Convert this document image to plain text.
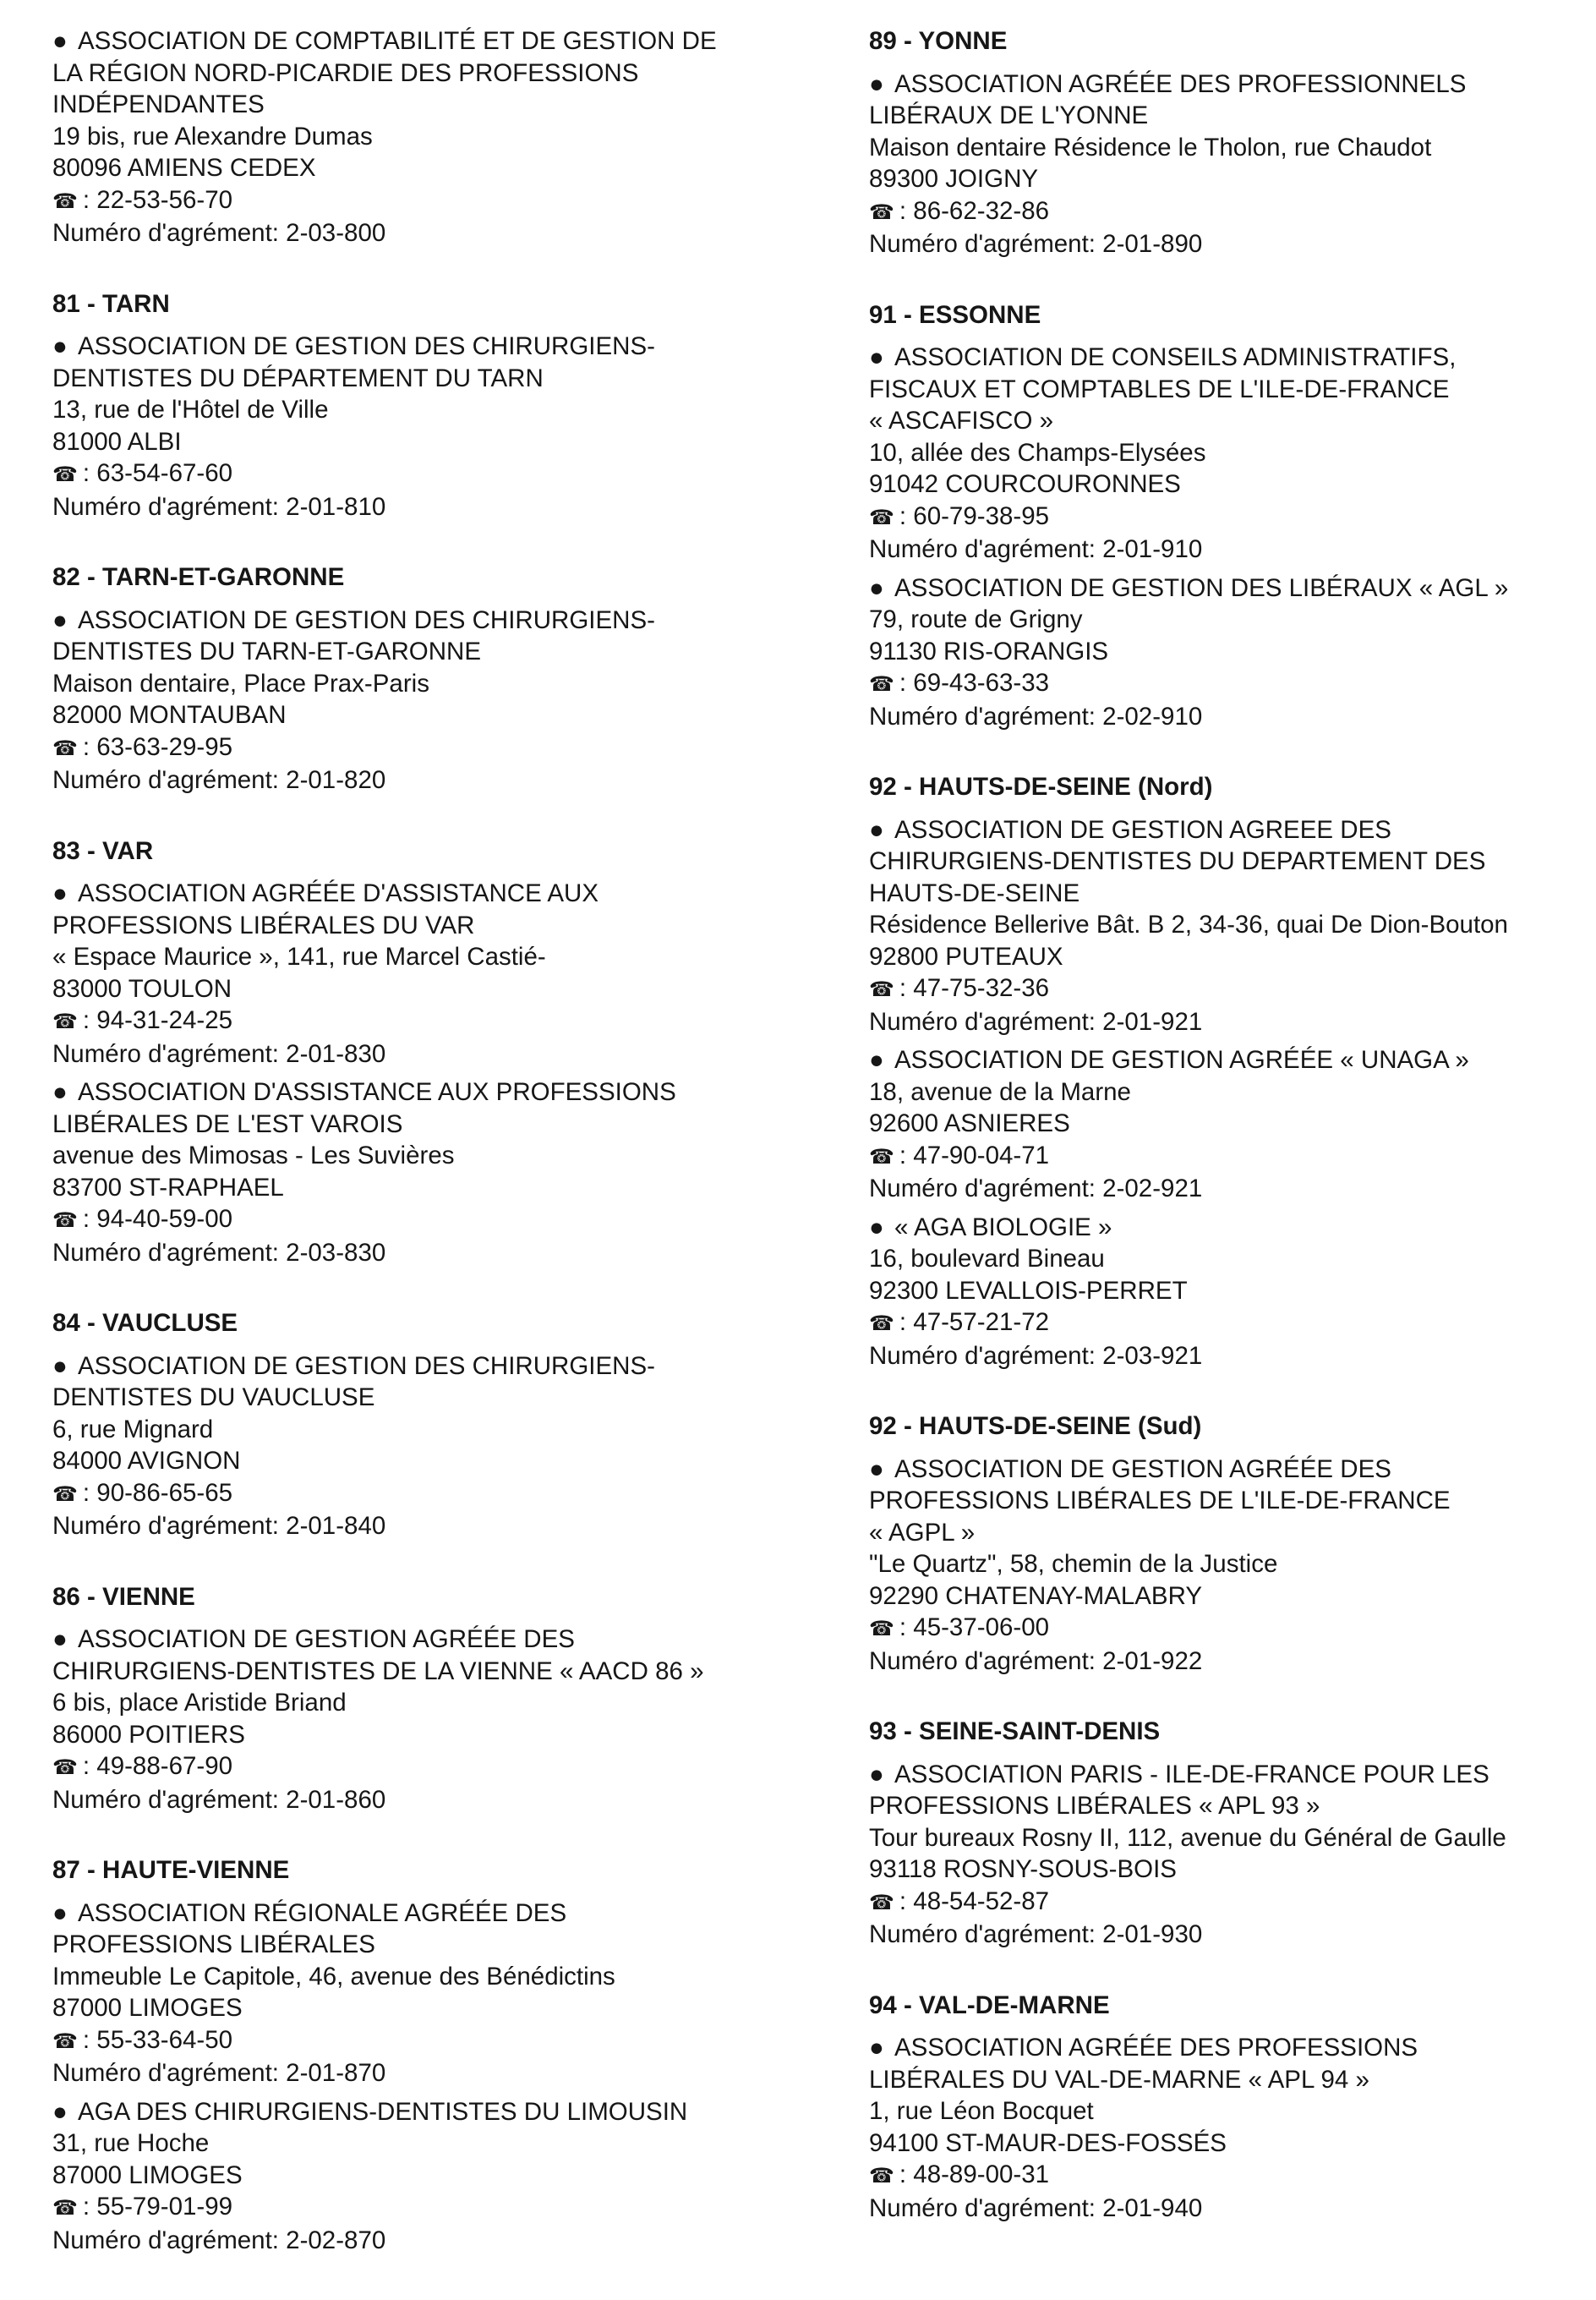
● ASSOCIATION DE COMPTABILITÉ ET DE GESTION DE
LA RÉGION NORD-PICARDIE DES PROFESSIONS
INDÉPENDANTES
19 bis, rue Alexandre Dumas
80096 AMIENS CEDEX
☎ : 22-53-56-70
Numéro d'agrément: 2-03-800
81 - TARN
● ASSOCIATION DE GESTION DES CHIRURGIENS-
DENTISTES DU DÉPARTEMENT DU TARN
13, rue de l'Hôtel de Ville
81000 ALBI
☎ : 63-54-67-60
Numéro d'agrément: 2-01-810
82 - TARN-ET-GARONNE
● ASSOCIATION DE GESTION DES CHIRURGIENS-
DENTISTES DU TARN-ET-GARONNE
Maison dentaire, Place Prax-Paris
82000 MONTAUBAN
☎ : 63-63-29-95
Numéro d'agrément: 2-01-820
83 - VAR
● ASSOCIATION AGRÉÉE D'ASSISTANCE AUX
PROFESSIONS LIBÉRALES DU VAR
« Espace Maurice », 141, rue Marcel Castié-
83000 TOULON
☎ : 94-31-24-25
Numéro d'agrément: 2-01-830
● ASSOCIATION D'ASSISTANCE AUX PROFESSIONS
LIBÉRALES DE L'EST VAROIS
avenue des Mimosas - Les Suvières
83700 ST-RAPHAEL
☎ : 94-40-59-00
Numéro d'agrément: 2-03-830
84 - VAUCLUSE
● ASSOCIATION DE GESTION DES CHIRURGIENS-
DENTISTES DU VAUCLUSE
6, rue Mignard
84000 AVIGNON
☎ : 90-86-65-65
Numéro d'agrément: 2-01-840
86 - VIENNE
● ASSOCIATION DE GESTION AGRÉÉE DES
CHIRURGIENS-DENTISTES DE LA VIENNE « AACD 86 »
6 bis, place Aristide Briand
86000 POITIERS
☎ : 49-88-67-90
Numéro d'agrément: 2-01-860
87 - HAUTE-VIENNE
● ASSOCIATION RÉGIONALE AGRÉÉE DES
PROFESSIONS LIBÉRALES
Immeuble Le Capitole, 46, avenue des Bénédictins
87000 LIMOGES
☎ : 55-33-64-50
Numéro d'agrément: 2-01-870
● AGA DES CHIRURGIENS-DENTISTES DU LIMOUSIN
31, rue Hoche
87000 LIMOGES
☎ : 55-79-01-99
Numéro d'agrément: 2-02-870
89 - YONNE
● ASSOCIATION AGRÉÉE DES PROFESSIONNELS
LIBÉRAUX DE L'YONNE
Maison dentaire Résidence le Tholon, rue Chaudot
89300 JOIGNY
☎ : 86-62-32-86
Numéro d'agrément: 2-01-890
91 - ESSONNE
● ASSOCIATION DE CONSEILS ADMINISTRATIFS,
FISCAUX ET COMPTABLES DE L'ILE-DE-FRANCE
« ASCAFISCO »
10, allée des Champs-Elysées
91042 COURCOURONNES
☎ : 60-79-38-95
Numéro d'agrément: 2-01-910
● ASSOCIATION DE GESTION DES LIBÉRAUX « AGL »
79, route de Grigny
91130 RIS-ORANGIS
☎ : 69-43-63-33
Numéro d'agrément: 2-02-910
92 - HAUTS-DE-SEINE (Nord)
● ASSOCIATION DE GESTION AGREEE DES
CHIRURGIENS-DENTISTES DU DEPARTEMENT DES
HAUTS-DE-SEINE
Résidence Bellerive Bât. B 2, 34-36, quai De Dion-Bouton
92800 PUTEAUX
☎ : 47-75-32-36
Numéro d'agrément: 2-01-921
● ASSOCIATION DE GESTION AGRÉÉE « UNAGA »
18, avenue de la Marne
92600 ASNIERES
☎ : 47-90-04-71
Numéro d'agrément: 2-02-921
● « AGA BIOLOGIE »
16, boulevard Bineau
92300 LEVALLOIS-PERRET
☎ : 47-57-21-72
Numéro d'agrément: 2-03-921
92 - HAUTS-DE-SEINE (Sud)
● ASSOCIATION DE GESTION AGRÉÉE DES
PROFESSIONS LIBÉRALES DE L'ILE-DE-FRANCE
« AGPL »
"Le Quartz", 58, chemin de la Justice
92290 CHATENAY-MALABRY
☎ : 45-37-06-00
Numéro d'agrément: 2-01-922
93 - SEINE-SAINT-DENIS
● ASSOCIATION PARIS - ILE-DE-FRANCE POUR LES
PROFESSIONS LIBÉRALES « APL 93 »
Tour bureaux Rosny II, 112, avenue du Général de Gaulle
93118 ROSNY-SOUS-BOIS
☎ : 48-54-52-87
Numéro d'agrément: 2-01-930
94 - VAL-DE-MARNE
● ASSOCIATION AGRÉÉE DES PROFESSIONS
LIBÉRALES DU VAL-DE-MARNE « APL 94 »
1, rue Léon Bocquet
94100 ST-MAUR-DES-FOSSÉS
☎ : 48-89-00-31
Numéro d'agrément: 2-01-940
